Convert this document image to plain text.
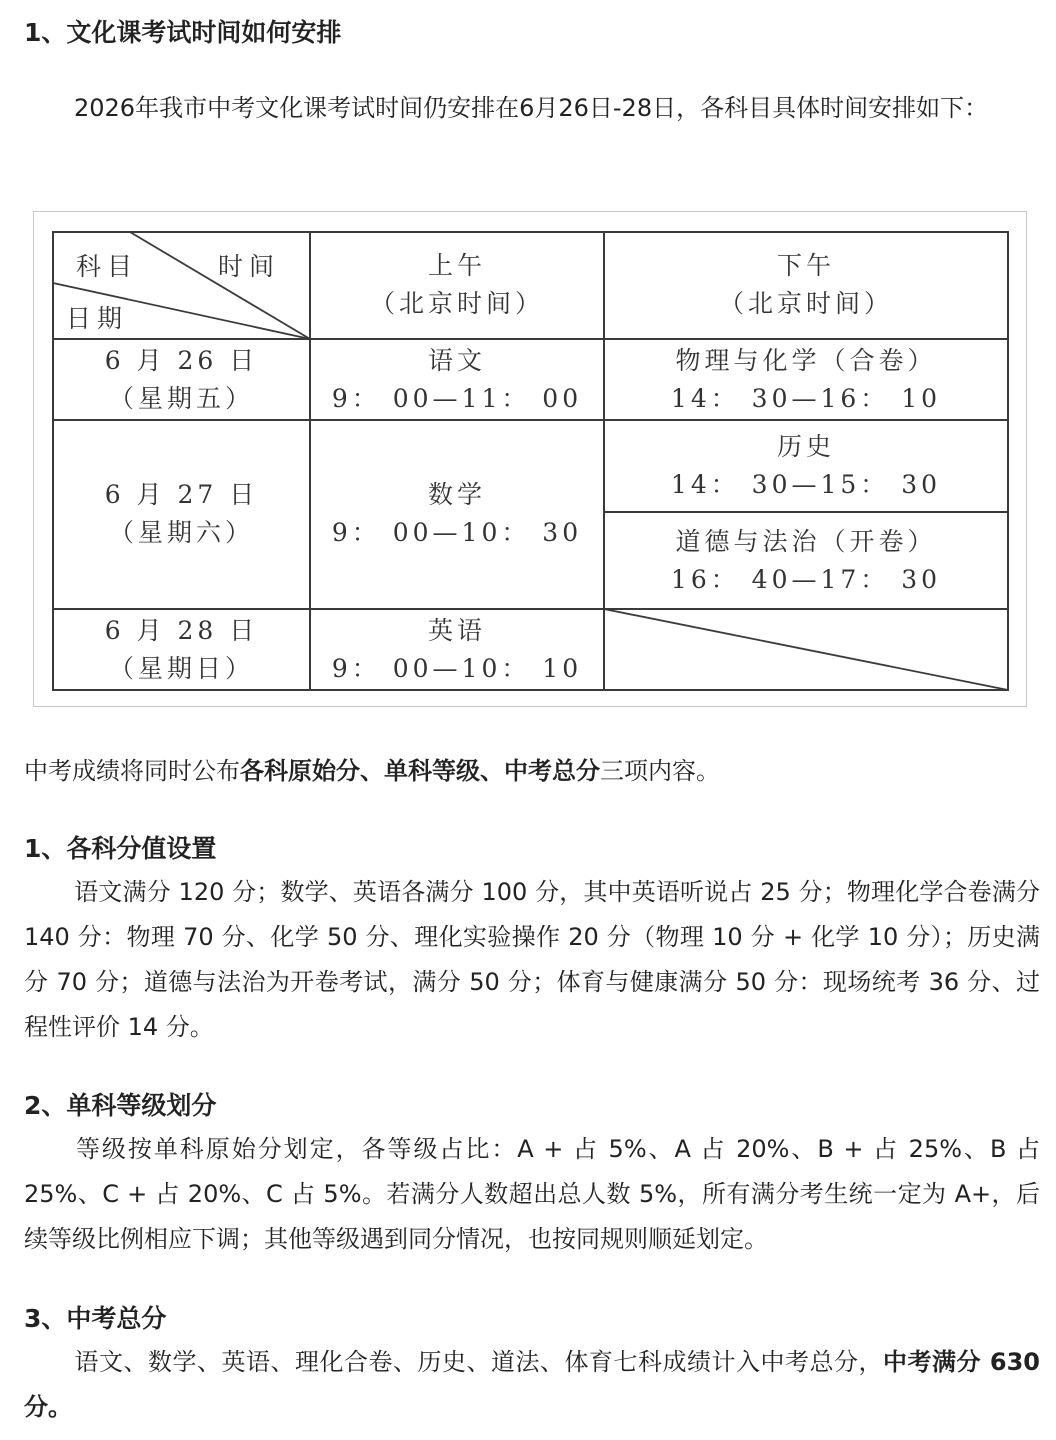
1、文化课考试时间如何安排

2026年我市中考文化课考试时间仍安排在6月26日-28日，各科目具体时间安排如下：

科目	时间
日期
上午
（北京时间）
下午
（北京时间）
6 月 26 日
（星期五）
语文
9： 00—11： 00
物理与化学（合卷）
14： 30—16： 10
6 月 27 日
（星期六）
数学
9： 00—10： 30
历史
14： 30—15： 30
道德与法治（开卷）
16： 40—17： 30
6 月 28 日
（星期日）
英语
9： 00—10： 10

中考成绩将同时公布各科原始分、单科等级、中考总分三项内容。

1、各科分值设置

语文满分 120 分；数学、英语各满分 100 分，其中英语听说占 25 分；物理化学合卷满分 140 分：物理 70 分、化学 50 分、理化实验操作 20 分（物理 10 分 + 化学 10 分）；历史满分 70 分；道德与法治为开卷考试，满分 50 分；体育与健康满分 50 分：现场统考 36 分、过程性评价 14 分。

2、单科等级划分

等级按单科原始分划定，各等级占比：A + 占 5%、A 占 20%、B + 占 25%、B 占 25%、C + 占 20%、C 占 5%。若满分人数超出总人数 5%，所有满分考生统一定为 A+，后续等级比例相应下调；其他等级遇到同分情况，也按同规则顺延划定。

3、中考总分

语文、数学、英语、理化合卷、历史、道法、体育七科成绩计入中考总分，中考满分 630 分。
